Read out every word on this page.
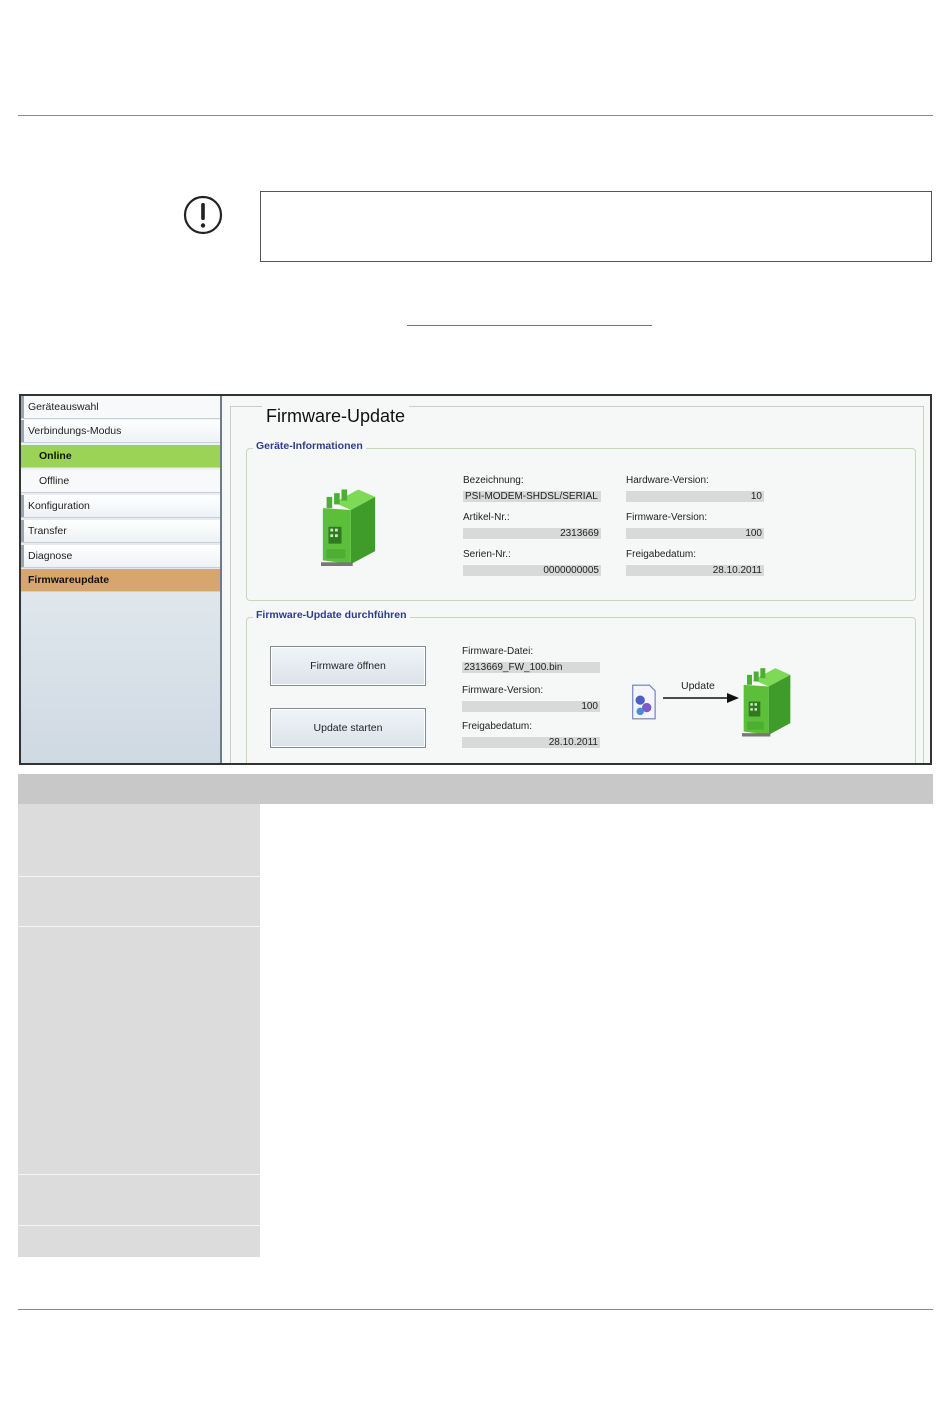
Geräteauswahl
Verbindungs-Modus
Online
Offline
Konfiguration
Transfer
Diagnose
Firmwareupdate
Firmware-Update
Geräte-Informationen
Bezeichnung:
PSI-MODEM-SHDSL/SERIAL
Artikel-Nr.:
2313669
Serien-Nr.:
0000000005
Hardware-Version:
10
Firmware-Version:
100
Freigabedatum:
28.10.2011
Firmware-Update durchführen
Firmware öffnen
Update starten
Firmware-Datei:
2313669_FW_100.bin
Firmware-Version:
100
Freigabedatum:
28.10.2011
Update
